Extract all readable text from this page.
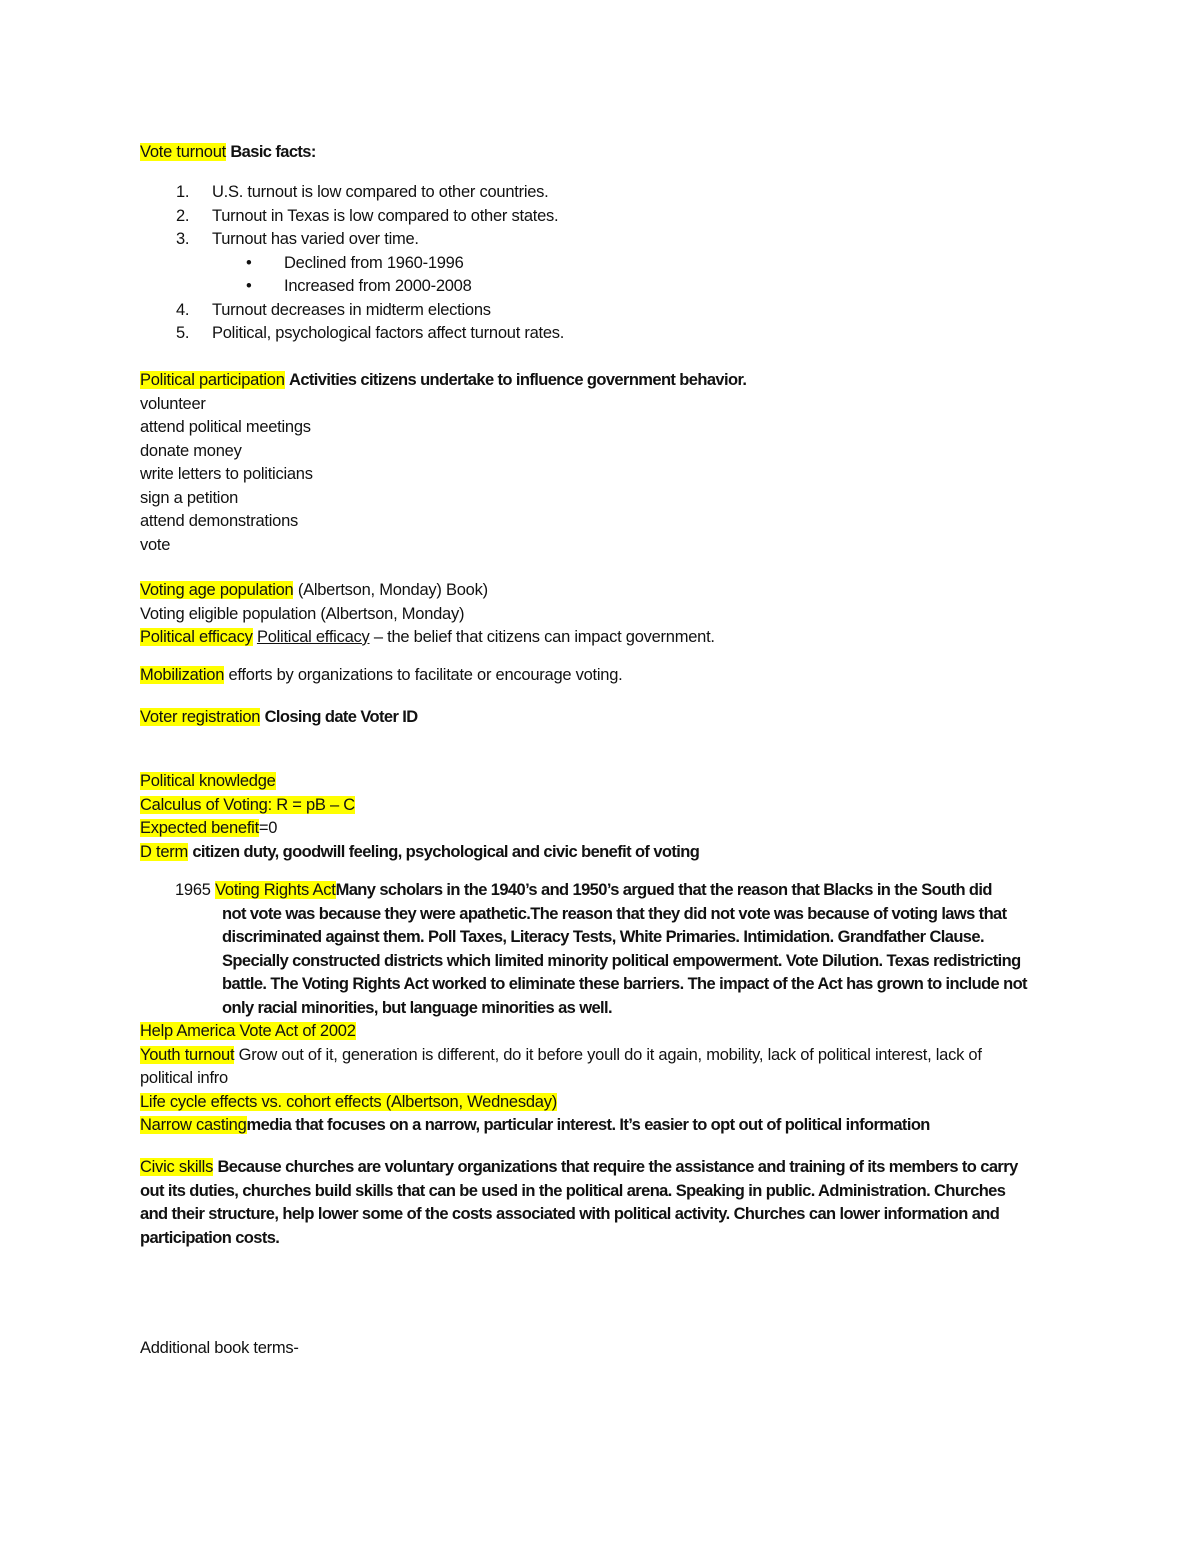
Vote turnout Basic facts:
1.	U.S. turnout is low compared to other countries.
2.	Turnout in Texas is low compared to other states.
3.	Turnout has varied over time.
• Declined from 1960-1996
• Increased from 2000-2008
4.	Turnout decreases in midterm elections
5.	Political, psychological factors affect turnout rates.
Political participation Activities citizens undertake to influence government behavior.
volunteer
attend political meetings
donate money
write letters to politicians
sign a petition
attend demonstrations
vote
Voting age population (Albertson, Monday) Book)
Voting eligible population (Albertson, Monday)
Political efficacy Political efficacy – the belief that citizens can impact government.
Mobilization efforts by organizations to facilitate or encourage voting.
Voter registration Closing date Voter ID
Political knowledge
Calculus of Voting: R = pB – C
Expected benefit=0
D term citizen duty, goodwill feeling, psychological and civic benefit of voting
1965 Voting Rights ActMany scholars in the 1940’s and 1950’s argued that the reason that Blacks in the South did
not vote was because they were apathetic.The reason that they did not vote was because of voting laws that
discriminated against them. Poll Taxes, Literacy Tests, White Primaries. Intimidation. Grandfather Clause.
Specially constructed districts which limited minority political empowerment. Vote Dilution. Texas redistricting
battle. The Voting Rights Act worked to eliminate these barriers. The impact of the Act has grown to include not
only racial minorities, but language minorities as well.
Help America Vote Act of 2002
Youth turnout Grow out of it, generation is different, do it before youll do it again, mobility, lack of political interest, lack of
political infro
Life cycle effects vs. cohort effects (Albertson, Wednesday)
Narrow castingmedia that focuses on a narrow, particular interest. It’s easier to opt out of political information
Civic skills Because churches are voluntary organizations that require the assistance and training of its members to carry
out its duties, churches build skills that can be used in the political arena. Speaking in public. Administration. Churches
and their structure, help lower some of the costs associated with political activity. Churches can lower information and
participation costs.
Additional book terms-
